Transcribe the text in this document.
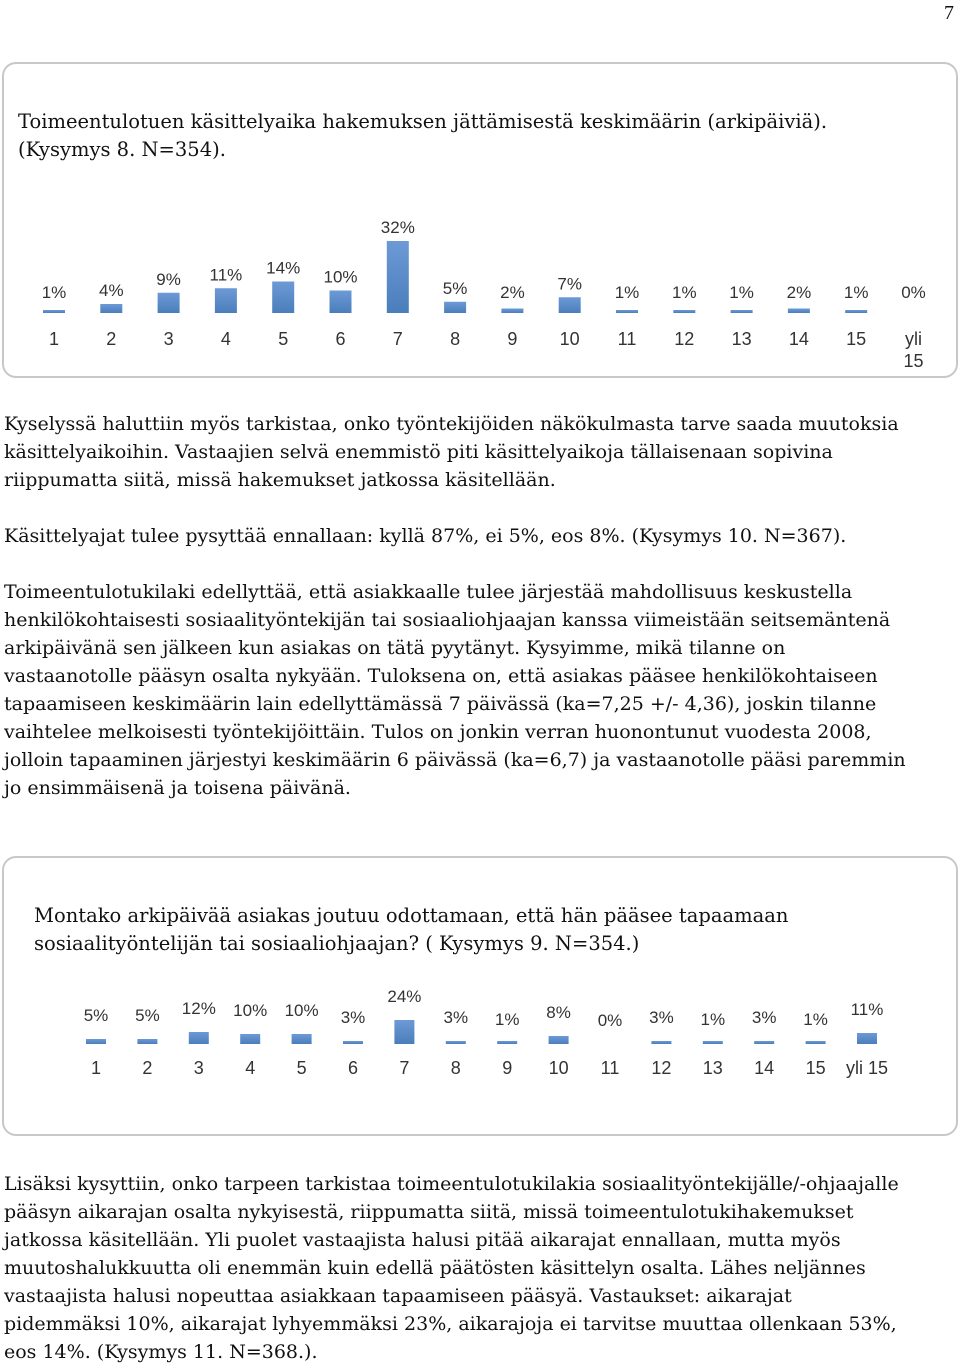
7
Toimeentulotuen käsittelyaika hakemuksen jättämisestä keskimäärin (arkipäiviä).
(Kysymys 8. N=354).
1%
1
4%
2
9%
3
11%
4
14%
5
10%
6
32%
7
5%
8
2%
9
7%
10
1%
11
1%
12
1%
13
2%
14
1%
15
0%
yli
15
Kyselyssä haluttiin myös tarkistaa, onko työntekijöiden näkökulmasta tarve saada muutoksia
käsittelyaikoihin. Vastaajien selvä enemmistö piti käsittelyaikoja tällaisenaan sopivina
riippumatta siitä, missä hakemukset jatkossa käsitellään.
Käsittelyajat tulee pysyttää ennallaan: kyllä 87%, ei 5%, eos 8%. (Kysymys 10. N=367).
Toimeentulotukilaki edellyttää, että asiakkaalle tulee järjestää mahdollisuus keskustella
henkilökohtaisesti sosiaalityöntekijän tai sosiaaliohjaajan kanssa viimeistään seitsemäntenä
arkipäivänä sen jälkeen kun asiakas on tätä pyytänyt. Kysyimme, mikä tilanne on
vastaanotolle pääsyn osalta nykyään. Tuloksena on, että asiakas pääsee henkilökohtaiseen
tapaamiseen keskimäärin lain edellyttämässä 7 päivässä (ka=7,25 +/- 4,36), joskin tilanne
vaihtelee melkoisesti työntekijöittäin. Tulos on jonkin verran huonontunut vuodesta 2008,
jolloin tapaaminen järjestyi keskimäärin 6 päivässä (ka=6,7) ja vastaanotolle pääsi paremmin
jo ensimmäisenä ja toisena päivänä.
Montako arkipäivää asiakas joutuu odottamaan, että hän pääsee tapaamaan
sosiaalityöntelijän tai sosiaaliohjaajan? ( Kysymys 9. N=354.)
5%
1
5%
2
12%
3
10%
4
10%
5
3%
6
24%
7
3%
8
1%
9
8%
10
0%
11
3%
12
1%
13
3%
14
1%
15
11%
yli 15
Lisäksi kysyttiin, onko tarpeen tarkistaa toimeentulotukilakia sosiaalityöntekijälle/-ohjaajalle
pääsyn aikarajan osalta nykyisestä, riippumatta siitä, missä toimeentulotukihakemukset
jatkossa käsitellään. Yli puolet vastaajista halusi pitää aikarajat ennallaan, mutta myös
muutoshalukkuutta oli enemmän kuin edellä päätösten käsittelyn osalta. Lähes neljännes
vastaajista halusi nopeuttaa asiakkaan tapaamiseen pääsyä. Vastaukset: aikarajat
pidemmäksi 10%, aikarajat lyhyemmäksi 23%, aikarajoja ei tarvitse muuttaa ollenkaan 53%,
eos 14%. (Kysymys 11. N=368.).
